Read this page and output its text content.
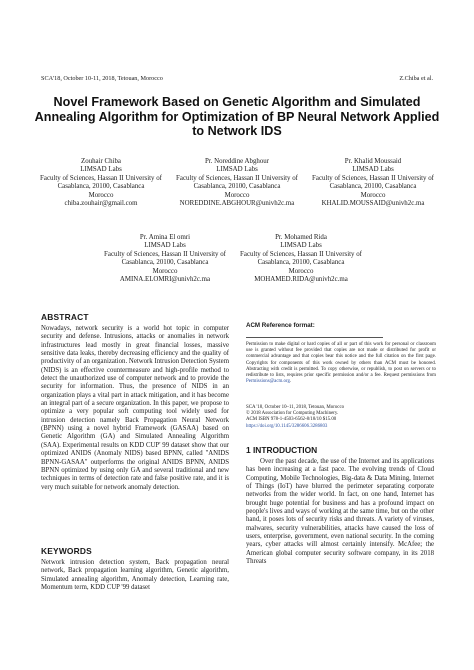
SCA'18, October 10-11, 2018, Tetouan, Morocco	Z.Chiba et al.
Novel Framework Based on Genetic Algorithm and Simulated Annealing Algorithm for Optimization of BP Neural Network Applied to Network IDS
Zouhair Chiba
LIMSAD Labs
Faculty of Sciences, Hassan II University of
Casablanca, 20100, Casablanca
Morocco
chiba.zouhair@gmail.com
Pr. Noreddine Abghour
LIMSAD Labs
Faculty of Sciences, Hassan II University of
Casablanca, 20100, Casablanca
Morocco
NOREDDINE.ABGHOUR@univh2c.ma
Pr. Khalid Moussaid
LIMSAD Labs
Faculty of Sciences, Hassan II University of
Casablanca, 20100, Casablanca
Morocco
KHALID.MOUSSAID@univh2c.ma
Pr. Amina El omri
LIMSAD Labs
Faculty of Sciences, Hassan II University of
Casablanca, 20100, Casablanca
Morocco
AMINA.ELOMRI@univh2c.ma
Pr. Mohamed Rida
LIMSAD Labs
Faculty of Sciences, Hassan II University of
Casablanca, 20100, Casablanca
Morocco
MOHAMED.RIDA@univh2c.ma
ABSTRACT
Nowadays, network security is a world hot topic in computer security and defense. Intrusions, attacks or anomalies in network infrastructures lead mostly in great financial losses, massive sensitive data leaks, thereby decreasing efficiency and the quality of productivity of an organization. Network Intrusion Detection System (NIDS) is an effective countermeasure and high-profile method to detect the unauthorized use of computer network and to provide the security for information. Thus, the presence of NIDS in an organization plays a vital part in attack mitigation, and it has become an integral part of a secure organization. In this paper, we propose to optimize a very popular soft computing tool widely used for intrusion detection namely Back Propagation Neural Network (BPNN) using a novel hybrid Framework (GASAA) based on Genetic Algorithm (GA) and Simulated Annealing Algorithm (SAA). Experimental results on KDD CUP' 99 dataset show that our optimized ANIDS (Anomaly NIDS) based BPNN, called "ANIDS BPNN-GASAA" outperforms the original ANIDS BPNN, ANIDS BPNN optimized by using only GA and several traditional and new techniques in terms of detection rate and false positive rate, and it is very much suitable for network anomaly detection.
KEYWORDS
Network intrusion detection system, Back propagation neural network, Back propagation learning algorithm, Genetic algorithm, Simulated annealing algorithm, Anomaly detection, Learning rate, Momentum term, KDD CUP '99 dataset
ACM Reference format:
Permission to make digital or hard copies of all or part of this work for personal or classroom use is granted without fee provided that copies are not made or distributed for profit or commercial advantage and that copies bear this notice and the full citation on the first page. Copyrights for components of this work owned by others than ACM must be honored. Abstracting with credit is permitted. To copy otherwise, or republish, to post on servers or to redistribute to lists, requires prior specific permission and/or a fee. Request permissions from Permissions@acm.org.
SCA '18, October 10–11, 2018, Tetouan, Morocco
© 2018 Association for Computing Machinery.
ACM ISBN 978-1-4503-6562-8/18/10 $15.00
https://doi.org/10.1145/3286606.3286803
1 INTRODUCTION
Over the past decade, the use of the Internet and its applications has been increasing at a fast pace. The evolving trends of Cloud Computing, Mobile Technologies, Big-data & Data Mining, Internet of Things (IoT) have blurred the perimeter separating corporate networks from the wider world. In fact, on one hand, Internet has brought huge potential for business and has a profound impact on people's lives and ways of working at the same time, but on the other hand, it poses lots of security risks and threats. A variety of viruses, malwares, security vulnerabilities, attacks have caused the loss of users, enterprise, government, even national security. In the coming years, cyber attacks will almost certainly intensify. McAfee; the American global computer security software company, in its 2018 Threats
